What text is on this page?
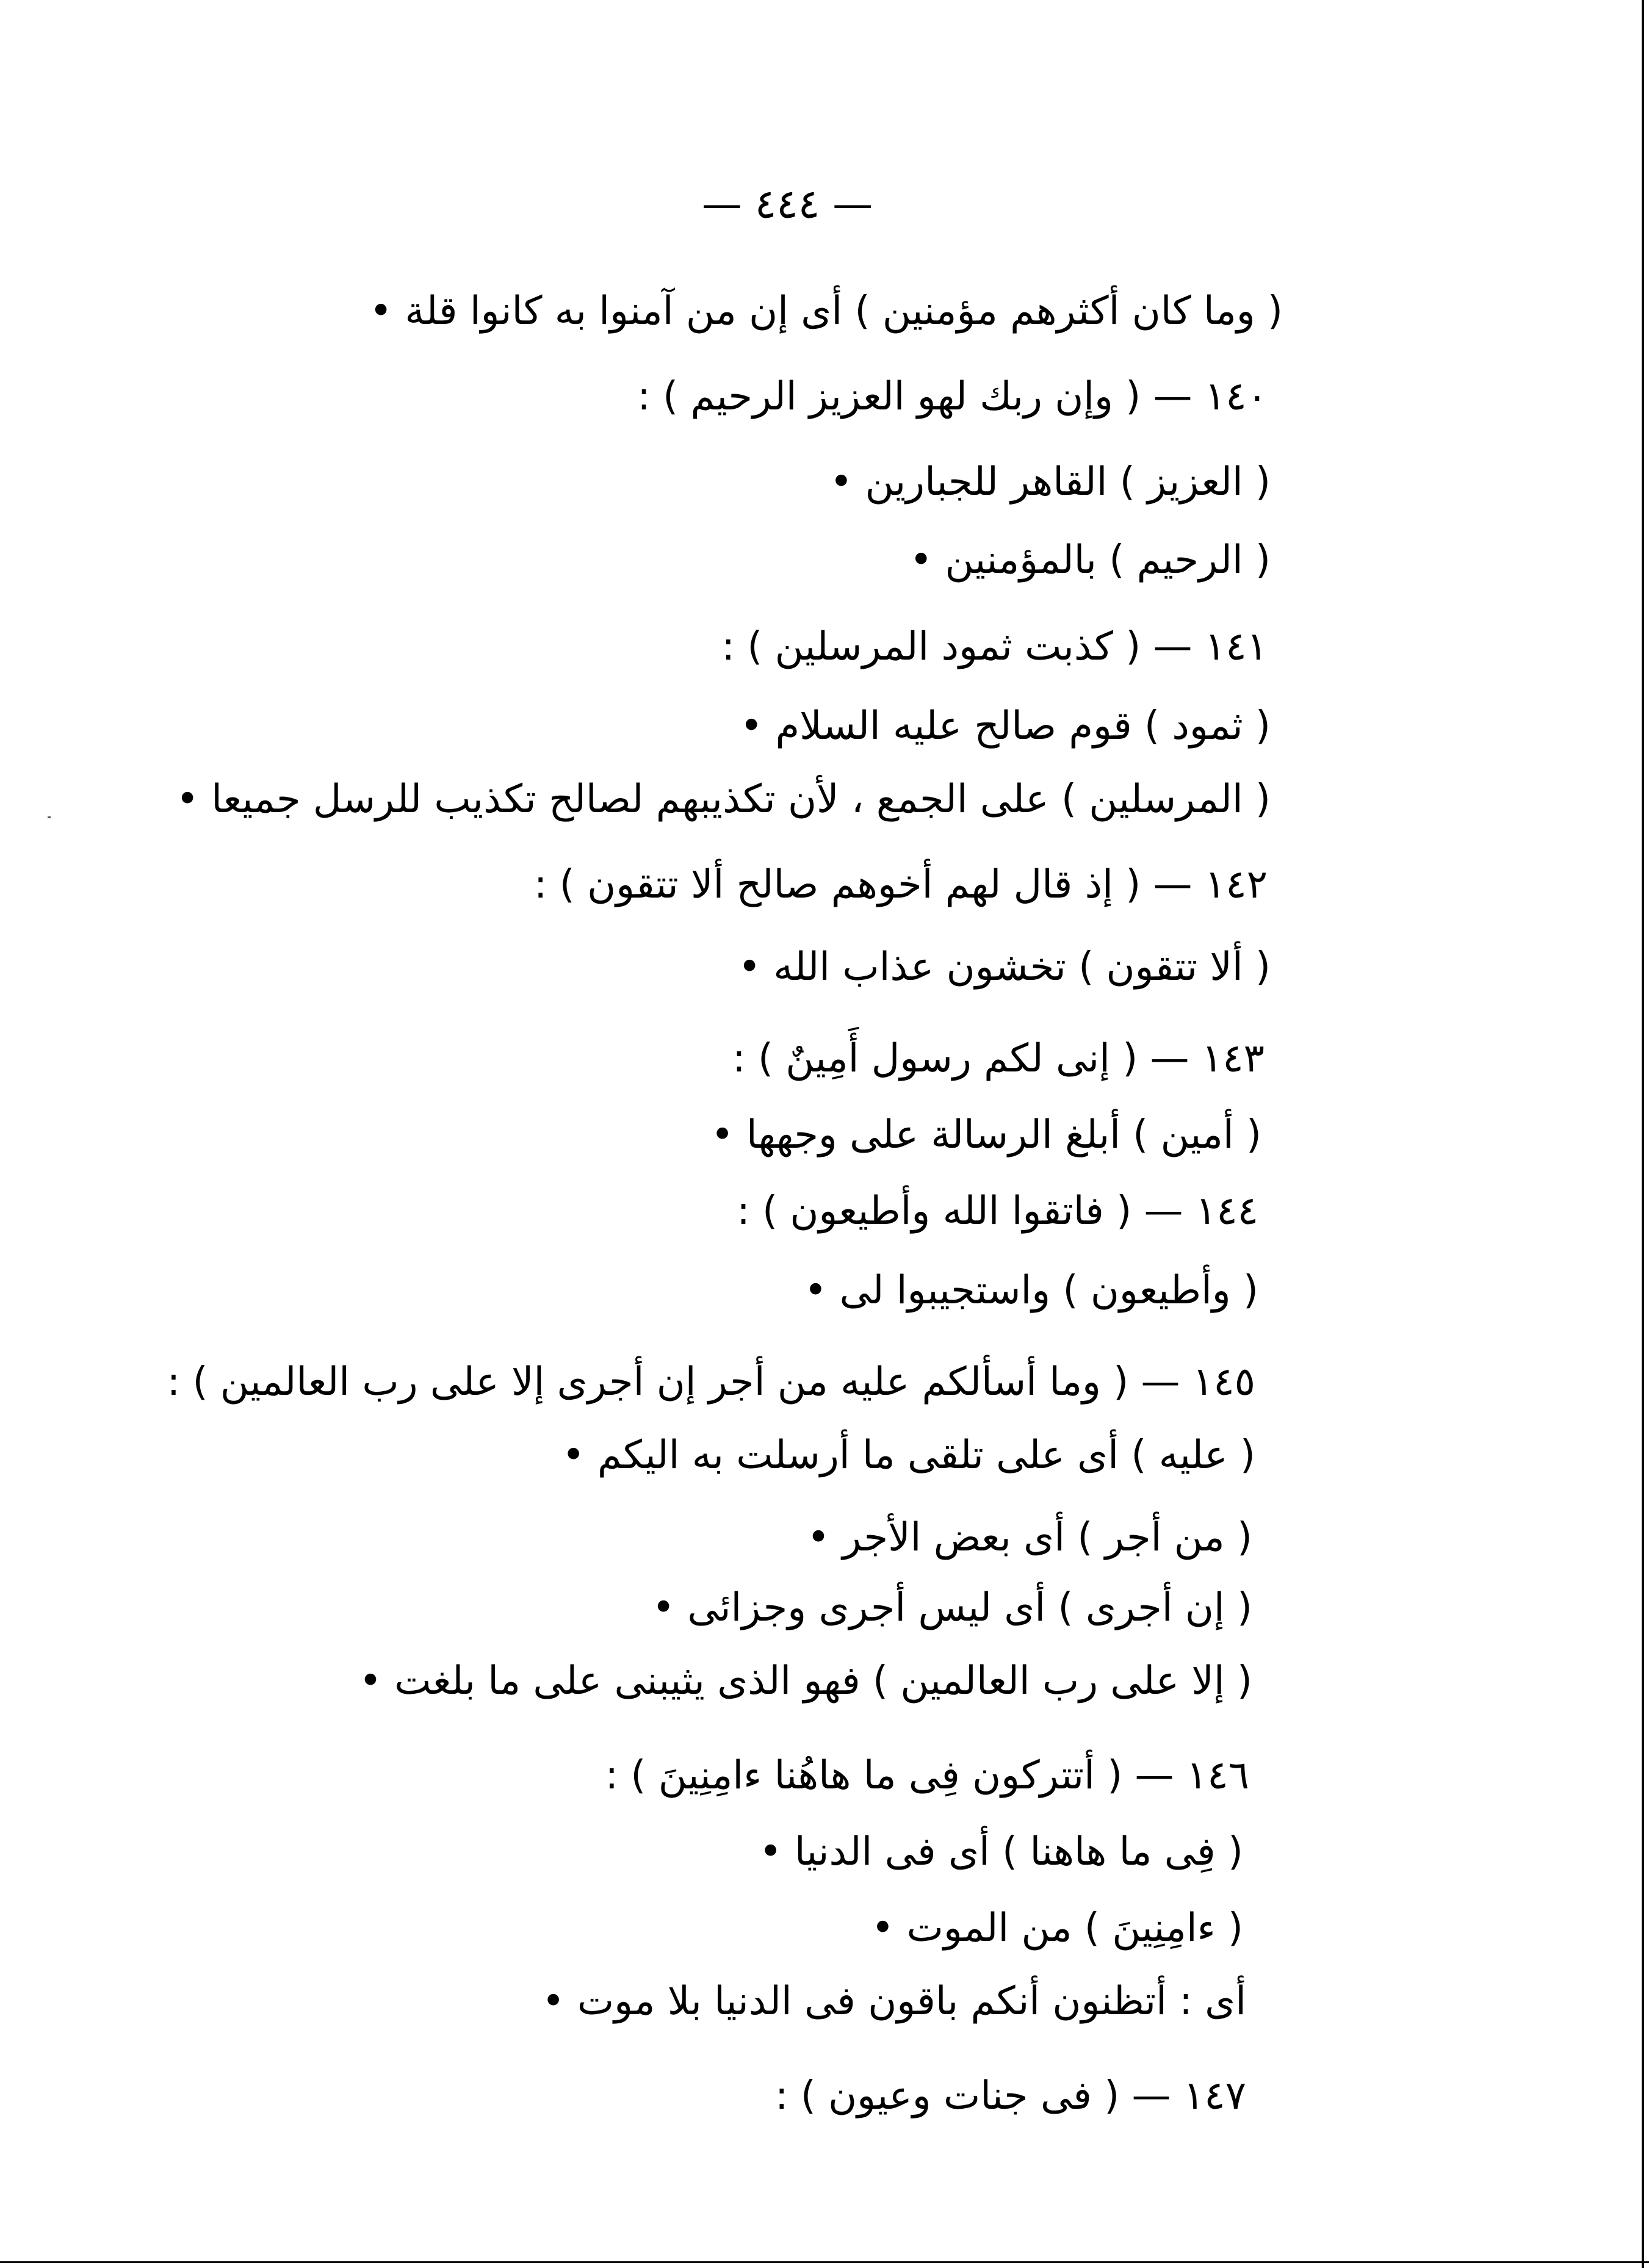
— ٤٤٤ —
( وما كان أكثرهم مؤمنين ) أى إن من آمنوا به كانوا قلة •
١٤٠ — ( وإن ربك لهو العزيز الرحيم ) :
( العزيز ) القاهر للجبارين •
( الرحيم ) بالمؤمنين •
١٤١ — ( كذبت ثمود المرسلين ) :
( ثمود ) قوم صالح عليه السلام •
( المرسلين ) على الجمع ، لأن تكذيبهم لصالح تكذيب للرسل جميعا •
١٤٢ — ( إذ قال لهم أخوهم صالح ألا تتقون ) :
( ألا تتقون ) تخشون عذاب الله •
١٤٣ — ( إنى لكم رسول أَمِينٌ ) :
( أمين ) أبلغ الرسالة على وجهها •
١٤٤ — ( فاتقوا الله وأطيعون ) :
( وأطيعون ) واستجيبوا لى •
١٤٥ — ( وما أسألكم عليه من أجر إن أجرى إلا على رب العالمين ) :
( عليه ) أى على تلقى ما أرسلت به اليكم •
( من أجر ) أى بعض الأجر •
( إن أجرى ) أى ليس أجرى وجزائى •
( إلا على رب العالمين ) فهو الذى يثيبنى على ما بلغت •
١٤٦ — ( أتتركون فِى ما هاهُنا ءامِنِينَ ) :
( فِى ما هاهنا ) أى فى الدنيا •
( ءامِنِينَ ) من الموت •
أى : أتظنون أنكم باقون فى الدنيا بلا موت •
١٤٧ — ( فى جنات وعيون ) :
